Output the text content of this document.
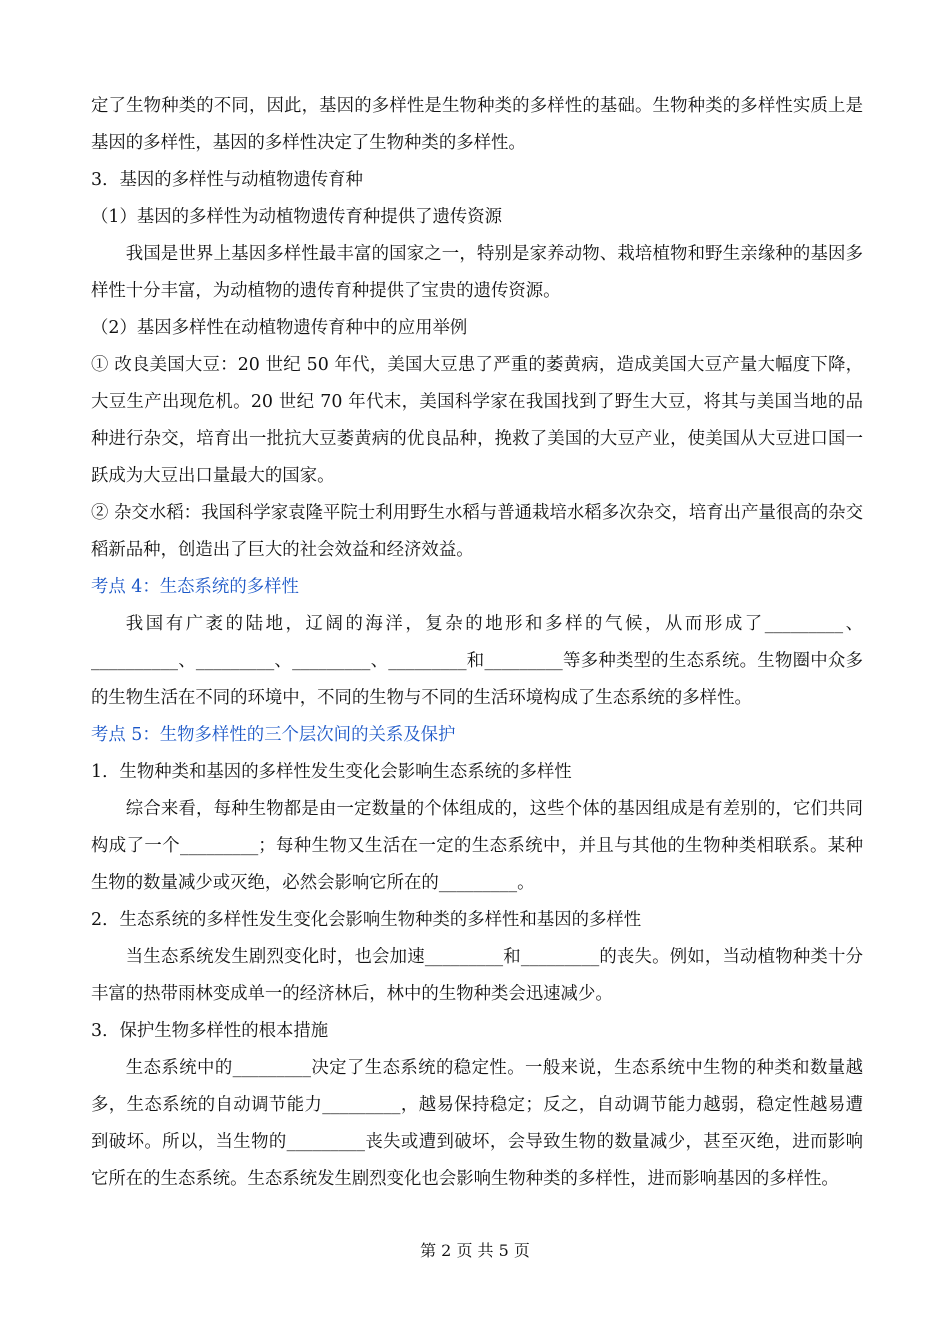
定了生物种类的不同，因此，基因的多样性是生物种类的多样性的基础。生物种类的多样性实质上是基因的多样性，基因的多样性决定了生物种类的多样性。
3．基因的多样性与动植物遗传育种
（1）基因的多样性为动植物遗传育种提供了遗传资源
我国是世界上基因多样性最丰富的国家之一，特别是家养动物、栽培植物和野生亲缘种的基因多样性十分丰富，为动植物的遗传育种提供了宝贵的遗传资源。
（2）基因多样性在动植物遗传育种中的应用举例
① 改良美国大豆：20 世纪 50 年代，美国大豆患了严重的萎黄病，造成美国大豆产量大幅度下降，大豆生产出现危机。20 世纪 70 年代末，美国科学家在我国找到了野生大豆，将其与美国当地的品种进行杂交，培育出一批抗大豆萎黄病的优良品种，挽救了美国的大豆产业，使美国从大豆进口国一跃成为大豆出口量最大的国家。
② 杂交水稻：我国科学家袁隆平院士利用野生水稻与普通栽培水稻多次杂交，培育出产量很高的杂交稻新品种，创造出了巨大的社会效益和经济效益。
考点 4：生态系统的多样性
我国有广袤的陆地，辽阔的海洋，复杂的地形和多样的气候，从而形成了_________、__________、_________、_________、_________和_________等多种类型的生态系统。生物圈中众多的生物生活在不同的环境中，不同的生物与不同的生活环境构成了生态系统的多样性。
考点 5：生物多样性的三个层次间的关系及保护
1．生物种类和基因的多样性发生变化会影响生态系统的多样性
综合来看，每种生物都是由一定数量的个体组成的，这些个体的基因组成是有差别的，它们共同构成了一个_________；每种生物又生活在一定的生态系统中，并且与其他的生物种类相联系。某种生物的数量减少或灭绝，必然会影响它所在的_________。
2．生态系统的多样性发生变化会影响生物种类的多样性和基因的多样性
当生态系统发生剧烈变化时，也会加速_________和_________的丧失。例如，当动植物种类十分丰富的热带雨林变成单一的经济林后，林中的生物种类会迅速减少。
3．保护生物多样性的根本措施
生态系统中的_________决定了生态系统的稳定性。一般来说，生态系统中生物的种类和数量越多，生态系统的自动调节能力_________，越易保持稳定；反之，自动调节能力越弱，稳定性越易遭到破坏。所以，当生物的_________丧失或遭到破坏，会导致生物的数量减少，甚至灭绝，进而影响它所在的生态系统。生态系统发生剧烈变化也会影响生物种类的多样性，进而影响基因的多样性。
第 2 页 共 5 页
